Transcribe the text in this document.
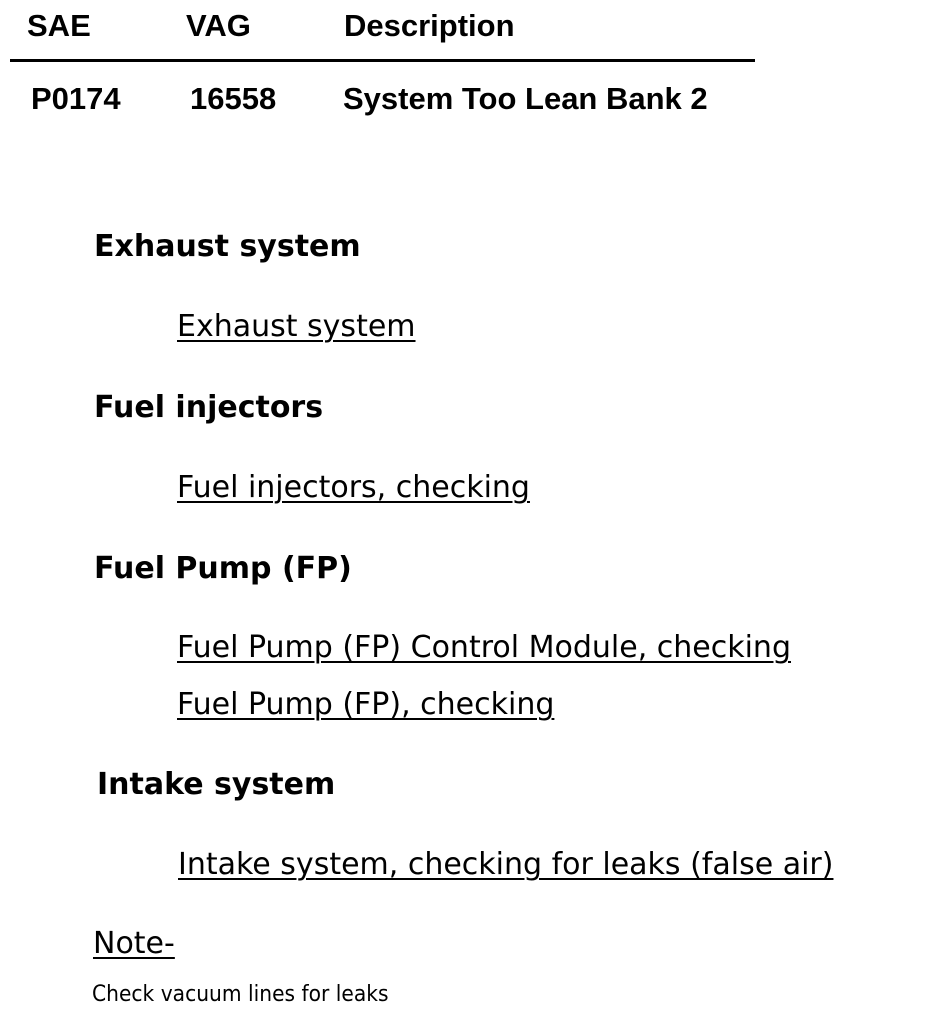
SAE	VAG	Description
P0174 16558 System Too Lean Bank 2
Exhaust system
Exhaust system
Fuel injectors
Fuel injectors, checking
Fuel Pump (FP)
Fuel Pump (FP) Control Module, checking
Fuel Pump (FP), checking
Intake system
Intake system, checking for leaks (false air)
Note-
Check vacuum lines for leaks
